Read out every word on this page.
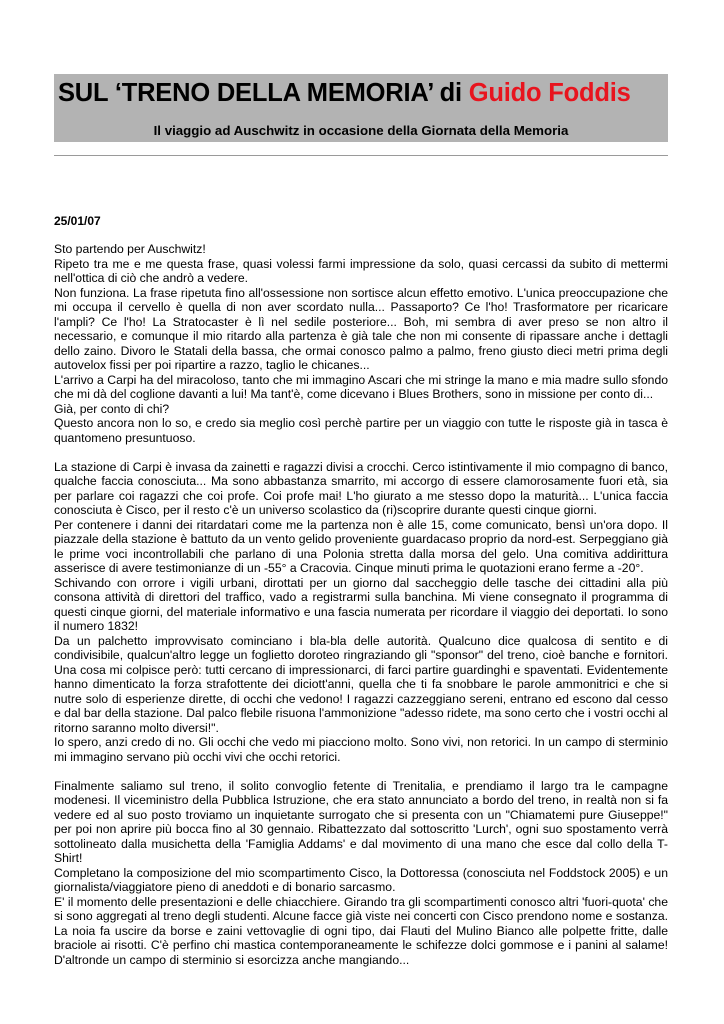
SUL ‘TRENO DELLA MEMORIA’ di Guido Foddis

Il viaggio ad Auschwitz in occasione della Giornata della Memoria

25/01/07

Sto partendo per Auschwitz!
Ripeto tra me e me questa frase, quasi volessi farmi impressione da solo, quasi cercassi da subito di mettermi
nell'ottica di ciò che andrò a vedere.
Non funziona. La frase ripetuta fino all'ossessione non sortisce alcun effetto emotivo. L'unica preoccupazione che
mi occupa il cervello è quella di non aver scordato nulla... Passaporto? Ce l'ho! Trasformatore per ricaricare
l'ampli? Ce l'ho! La Stratocaster è lì nel sedile posteriore... Boh, mi sembra di aver preso se non altro il
necessario, e comunque il mio ritardo alla partenza è già tale che non mi consente di ripassare anche i dettagli
dello zaino. Divoro le Statali della bassa, che ormai conosco palmo a palmo, freno giusto dieci metri prima degli
autovelox fissi per poi ripartire a razzo, taglio le chicanes...
L'arrivo a Carpi ha del miracoloso, tanto che mi immagino Ascari che mi stringe la mano e mia madre sullo sfondo
che mi dà del coglione davanti a lui! Ma tant'è, come dicevano i Blues Brothers, sono in missione per conto di...
Già, per conto di chi?
Questo ancora non lo so, e credo sia meglio così perchè partire per un viaggio con tutte le risposte già in tasca è
quantomeno presuntuoso.

La stazione di Carpi è invasa da zainetti e ragazzi divisi a crocchi. Cerco istintivamente il mio compagno di banco,
qualche faccia conosciuta... Ma sono abbastanza smarrito, mi accorgo di essere clamorosamente fuori età, sia
per parlare coi ragazzi che coi profe. Coi profe mai! L'ho giurato a me stesso dopo la maturità... L'unica faccia
conosciuta è Cisco, per il resto c'è un universo scolastico da (ri)scoprire durante questi cinque giorni.
Per contenere i danni dei ritardatari come me la partenza non è alle 15, come comunicato, bensì un'ora dopo. Il
piazzale della stazione è battuto da un vento gelido proveniente guardacaso proprio da nord-est. Serpeggiano già
le prime voci incontrollabili che parlano di una Polonia stretta dalla morsa del gelo. Una comitiva addirittura
asserisce di avere testimonianze di un -55° a Cracovia. Cinque minuti prima le quotazioni erano ferme a -20°.
Schivando con orrore i vigili urbani, dirottati per un giorno dal saccheggio delle tasche dei cittadini alla più
consona attività di direttori del traffico, vado a registrarmi sulla banchina. Mi viene consegnato il programma di
questi cinque giorni, del materiale informativo e una fascia numerata per ricordare il viaggio dei deportati. Io sono
il numero 1832!
Da un palchetto improvvisato cominciano i bla-bla delle autorità. Qualcuno dice qualcosa di sentito e di
condivisibile, qualcun'altro legge un foglietto doroteo ringraziando gli "sponsor" del treno, cioè banche e fornitori.
Una cosa mi colpisce però: tutti cercano di impressionarci, di farci partire guardinghi e spaventati. Evidentemente
hanno dimenticato la forza strafottente dei diciott'anni, quella che ti fa snobbare le parole ammonitrici e che si
nutre solo di esperienze dirette, di occhi che vedono! I ragazzi cazzeggiano sereni, entrano ed escono dal cesso
e dal bar della stazione. Dal palco flebile risuona l'ammonizione "adesso ridete, ma sono certo che i vostri occhi al
ritorno saranno molto diversi!".
Io spero, anzi credo di no. Gli occhi che vedo mi piacciono molto. Sono vivi, non retorici. In un campo di sterminio
mi immagino servano più occhi vivi che occhi retorici.

Finalmente saliamo sul treno, il solito convoglio fetente di Trenitalia, e prendiamo il largo tra le campagne
modenesi. Il viceministro della Pubblica Istruzione, che era stato annunciato a bordo del treno, in realtà non si fa
vedere ed al suo posto troviamo un inquietante surrogato che si presenta con un "Chiamatemi pure Giuseppe!"
per poi non aprire più bocca fino al 30 gennaio. Ribattezzato dal sottoscritto 'Lurch', ogni suo spostamento verrà
sottolineato dalla musichetta della 'Famiglia Addams' e dal movimento di una mano che esce dal collo della T-
Shirt!
Completano la composizione del mio scompartimento Cisco, la Dottoressa (conosciuta nel Foddstock 2005) e un
giornalista/viaggiatore pieno di aneddoti e di bonario sarcasmo.
E' il momento delle presentazioni e delle chiacchiere. Girando tra gli scompartimenti conosco altri 'fuori-quota' che
si sono aggregati al treno degli studenti. Alcune facce già viste nei concerti con Cisco prendono nome e sostanza.
La noia fa uscire da borse e zaini vettovaglie di ogni tipo, dai Flauti del Mulino Bianco alle polpette fritte, dalle
braciole ai risotti. C'è perfino chi mastica contemporaneamente le schifezze dolci gommose e i panini al salame!
D'altronde un campo di sterminio si esorcizza anche mangiando...
